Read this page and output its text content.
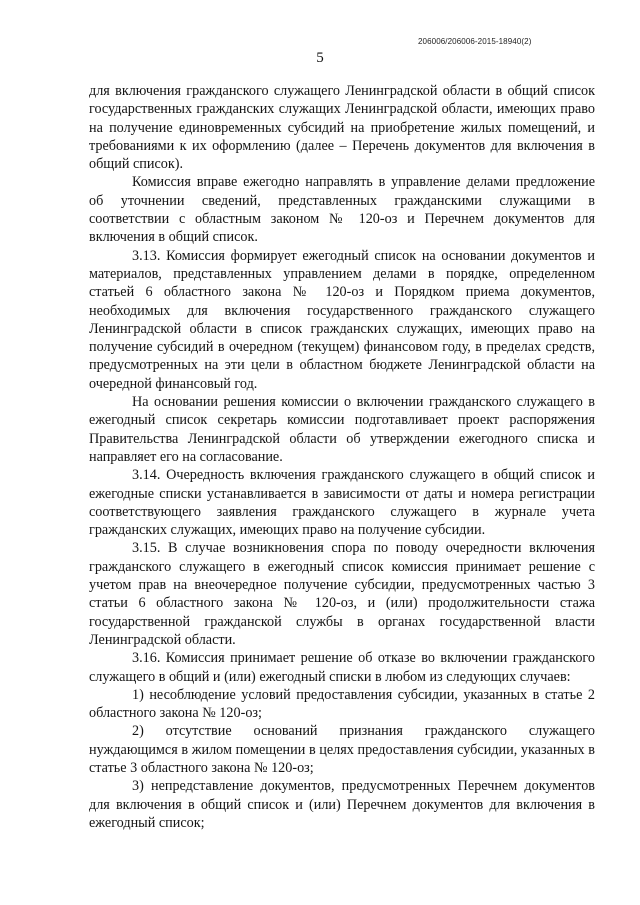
206006/206006-2015-18940(2)
5

для включения гражданского служащего Ленинградской области в общий список государственных гражданских служащих Ленинградской области, имеющих право на получение единовременных субсидий на приобретение жилых помещений, и требованиями к их оформлению (далее – Перечень документов для включения в общий список).

Комиссия вправе ежегодно направлять в управление делами предложение об уточнении сведений, представленных гражданскими служащими в соответствии с областным законом № 120-оз и Перечнем документов для включения в общий список.

3.13. Комиссия формирует ежегодный список на основании документов и материалов, представленных управлением делами в порядке, определенном статьей 6 областного закона № 120-оз и Порядком приема документов, необходимых для включения государственного гражданского служащего Ленинградской области в список гражданских служащих, имеющих право на получение субсидий в очередном (текущем) финансовом году, в пределах средств, предусмотренных на эти цели в областном бюджете Ленинградской области на очередной финансовый год.

На основании решения комиссии о включении гражданского служащего в ежегодный список секретарь комиссии подготавливает проект распоряжения Правительства Ленинградской области об утверждении ежегодного списка и направляет его на согласование.

3.14. Очередность включения гражданского служащего в общий список и ежегодные списки устанавливается в зависимости от даты и номера регистрации соответствующего заявления гражданского служащего в журнале учета гражданских служащих, имеющих право на получение субсидии.

3.15. В случае возникновения спора по поводу очередности включения гражданского служащего в ежегодный список комиссия принимает решение с учетом прав на внеочередное получение субсидии, предусмотренных частью 3 статьи 6 областного закона № 120-оз, и (или) продолжительности стажа государственной гражданской службы в органах государственной власти Ленинградской области.

3.16. Комиссия принимает решение об отказе во включении гражданского служащего в общий и (или) ежегодный списки в любом из следующих случаев:

1) несоблюдение условий предоставления субсидии, указанных в статье 2 областного закона № 120-оз;

2) отсутствие оснований признания гражданского служащего нуждающимся в жилом помещении в целях предоставления субсидии, указанных в статье 3 областного закона № 120-оз;

3) непредставление документов, предусмотренных Перечнем документов для включения в общий список и (или) Перечнем документов для включения в ежегодный список;
